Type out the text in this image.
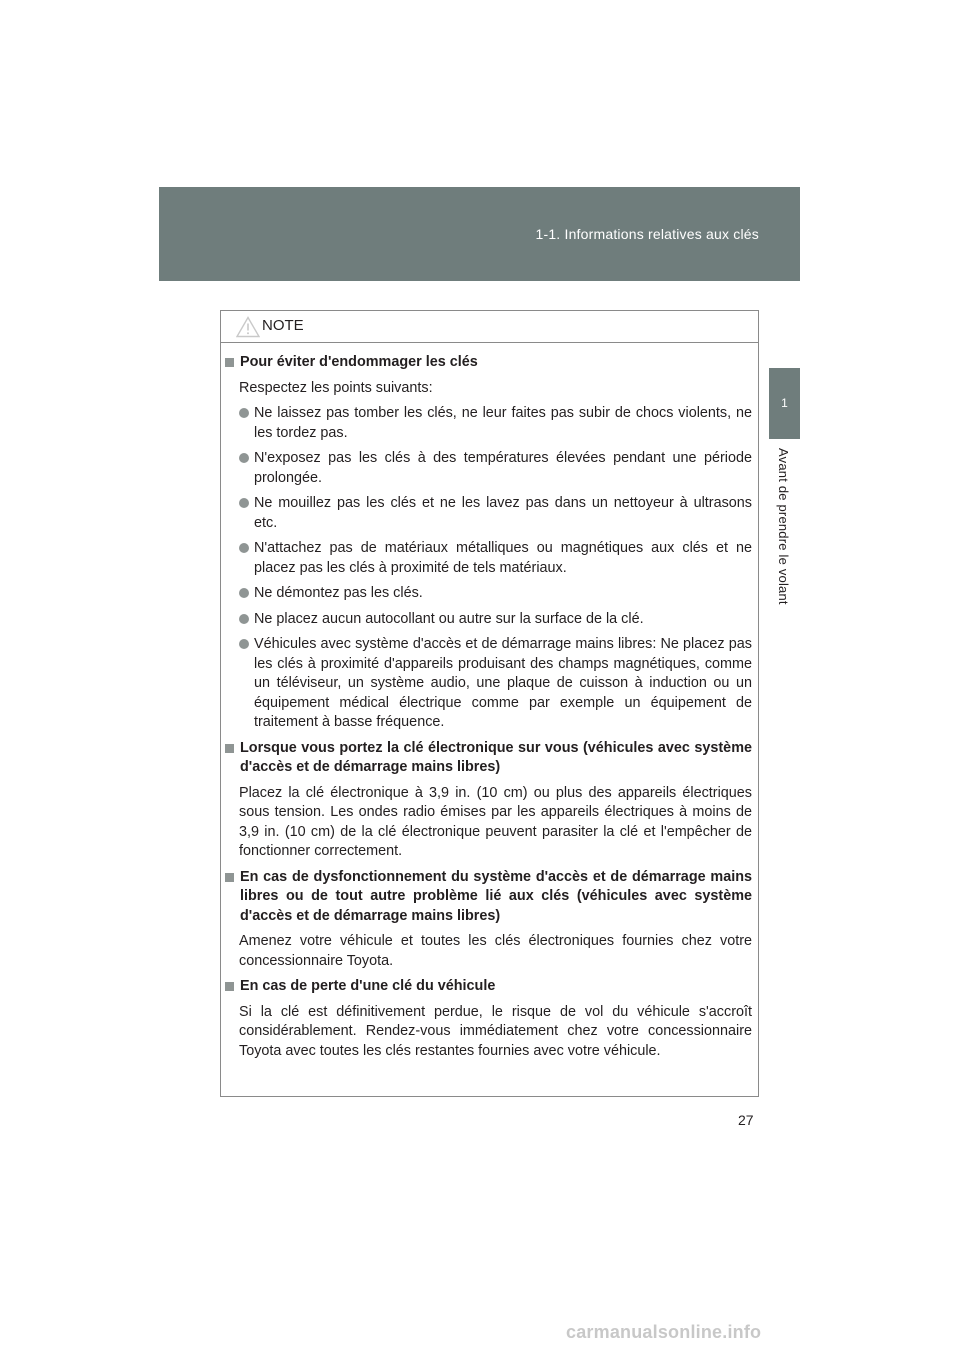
1-1. Informations relatives aux clés
1
Avant de prendre le volant
NOTE
Pour éviter d'endommager les clés
Respectez les points suivants:
Ne laissez pas tomber les clés, ne leur faites pas subir de chocs violents, ne les tordez pas.
N'exposez pas les clés à des températures élevées pendant une période prolongée.
Ne mouillez pas les clés et ne les lavez pas dans un nettoyeur à ultrasons etc.
N'attachez pas de matériaux métalliques ou magnétiques aux clés et ne placez pas les clés à proximité de tels matériaux.
Ne démontez pas les clés.
Ne placez aucun autocollant ou autre sur la surface de la clé.
Véhicules avec système d'accès et de démarrage mains libres: Ne placez pas les clés à proximité d'appareils produisant des champs magnétiques, comme un téléviseur, un système audio, une plaque de cuisson à induction ou un équipement médical électrique comme par exemple un équipement de traitement à basse fréquence.
Lorsque vous portez la clé électronique sur vous (véhicules avec système d'accès et de démarrage mains libres)
Placez la clé électronique à 3,9 in. (10 cm) ou plus des appareils électriques sous tension. Les ondes radio émises par les appareils électriques à moins de 3,9 in. (10 cm) de la clé électronique peuvent parasiter la clé et l'empêcher de fonctionner correctement.
En cas de dysfonctionnement du système d'accès et de démarrage mains libres ou de tout autre problème lié aux clés (véhicules avec système d'accès et de démarrage mains libres)
Amenez votre véhicule et toutes les clés électroniques fournies chez votre concessionnaire Toyota.
En cas de perte d'une clé du véhicule
Si la clé est définitivement perdue, le risque de vol du véhicule s'accroît considérablement. Rendez-vous immédiatement chez votre concessionnaire Toyota avec toutes les clés restantes fournies avec votre véhicule.
27
carmanualsonline.info
